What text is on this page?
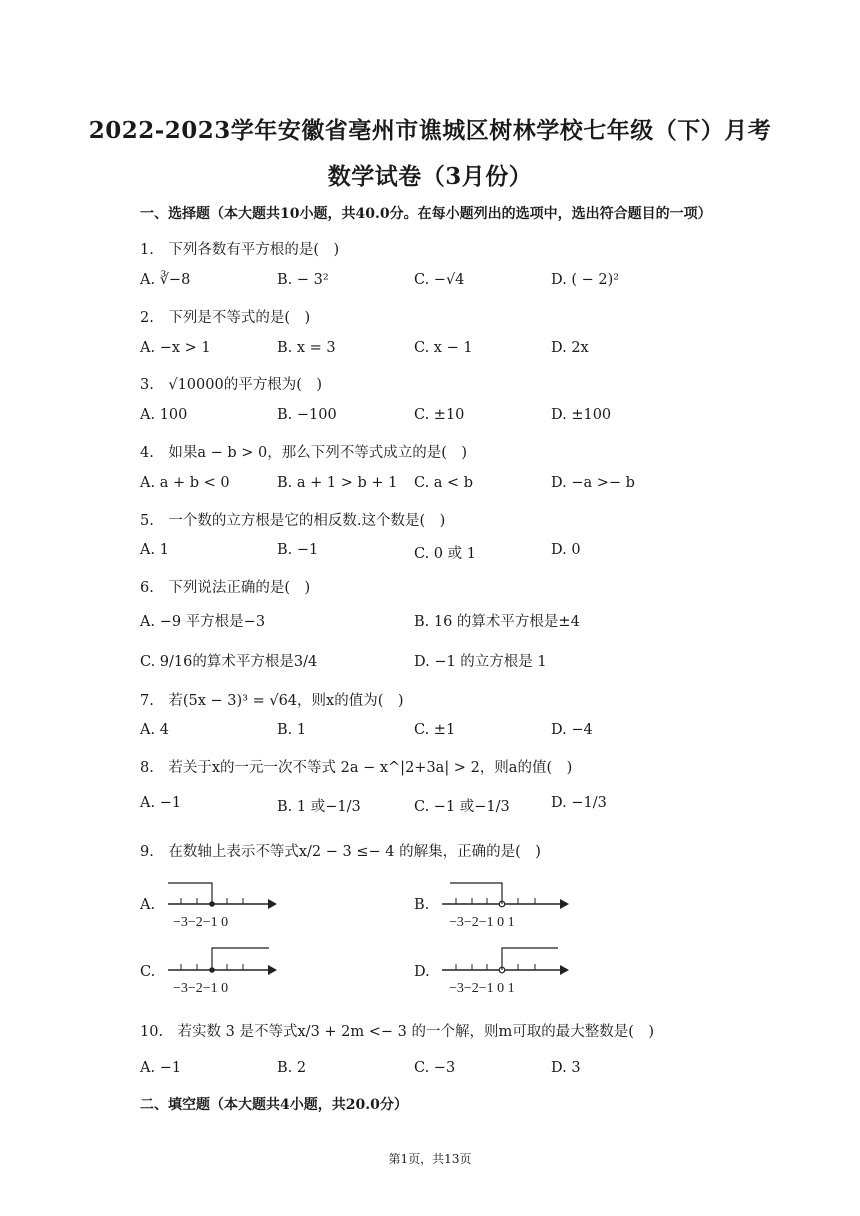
2022-2023学年安徽省亳州市谯城区树林学校七年级（下）月考
数学试卷（3月份）
一、选择题（本大题共10小题，共40.0分。在每小题列出的选项中，选出符合题目的一项）
1.　下列各数有平方根的是(　)
A. ∛−8	B. − 3²	C. −√4	D. ( − 2)²
2.　下列是不等式的是(　)
A. −x > 1	B. x = 3	C. x − 1	D. 2x
3.　√10000的平方根为(　)
A. 100	B. −100	C. ±10	D. ±100
4.　如果a − b > 0，那么下列不等式成立的是(　)
A. a + b < 0	B. a + 1 > b + 1 C. a < b	D. −a >− b
5.　一个数的立方根是它的相反数.这个数是(　)
A. 1	B. −1	C. 0 或 1	D. 0
6.　下列说法正确的是(　)
A. −9 平方根是−3	B. 16 的算术平方根是±4
C. 9/16的算术平方根是3/4	D. −1 的立方根是 1
7.　若(5x − 3)³ = √64，则x的值为(　)
A. 4	B. 1	C. ±1	D. −4
8.　若关于x的一元一次不等式 2a − x^|2+3a| > 2，则a的值(　)
A. −1	B. 1 或−1/3	C. −1 或−1/3	D. −1/3
9.　在数轴上表示不等式x/2 − 3 ≤− 4 的解集，正确的是(　)
A.
−3−2−1 0
B.
−3−2−1 0 1
C.
−3−2−1 0
D.
−3−2−1 0 1
10.　若实数 3 是不等式x/3 + 2m <− 3 的一个解，则m可取的最大整数是(　)
A. −1	B. 2	C. −3	D. 3
二、填空题（本大题共4小题，共20.0分）
第1页，共13页
